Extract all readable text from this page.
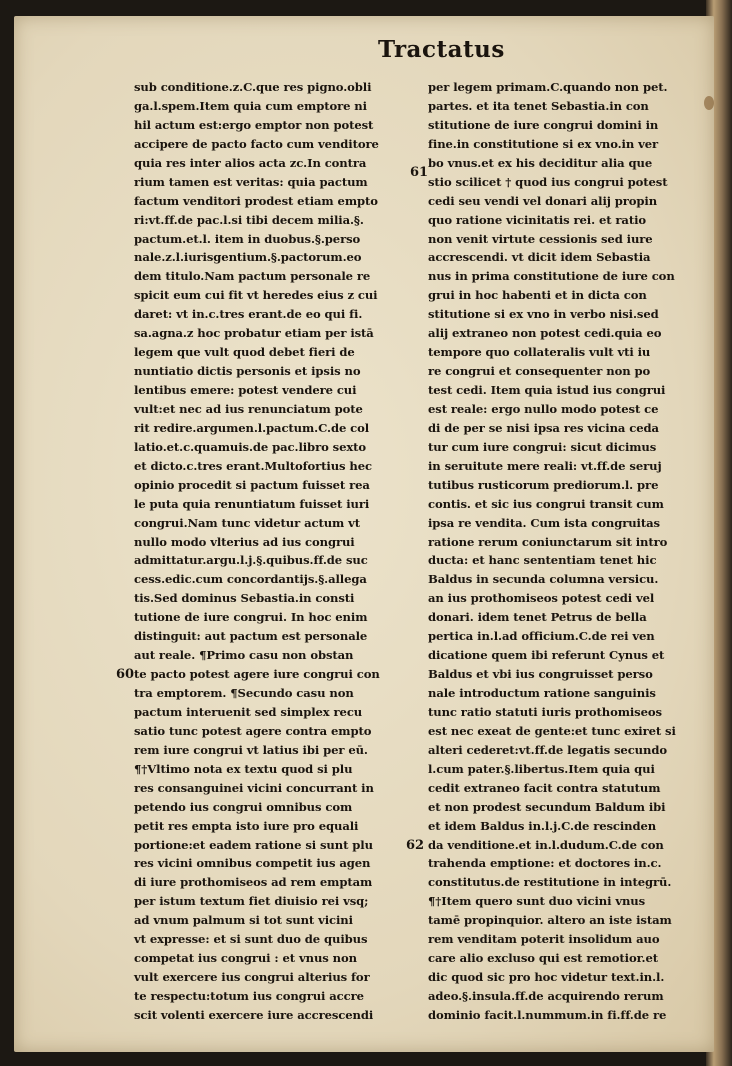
Tractatus
sub conditione.z.C.que res pigno.obli
ga.l.spem.Item quia cum emptore ni
hil actum est:ergo emptor non potest
accipere de pacto facto cum venditore
quia res inter alios acta zc.In contra
rium tamen est veritas: quia pactum
factum venditori prodest etiam empto
ri:vt.ff.de pac.l.si tibi decem milia.§.
pactum.et.l. item in duobus.§.perso
nale.z.l.iurisgentium.§.pactorum.eo
dem titulo.Nam pactum personale re
spicit eum cui fit vt heredes eius z cui
daret: vt in.c.tres erant.de eo qui fi.
sa.agna.z hoc probatur etiam per istā
legem que vult quod debet fieri de
nuntiatio dictis personis et ipsis no
lentibus emere: potest vendere cui
vult:et nec ad ius renunciatum pote
rit redire.argumen.l.pactum.C.de col
latio.et.c.quamuis.de pac.libro sexto
et dicto.c.tres erant.Multofortius hec
opinio procedit si pactum fuisset rea
le puta quia renuntiatum fuisset iuri
congrui.Nam tunc videtur actum vt
nullo modo vlterius ad ius congrui
admittatur.argu.l.j.§.quibus.ff.de suc
cess.edic.cum concordantijs.§.allega
tis.Sed dominus Sebastia.in consti
tutione de iure congrui. In hoc enim
distinguit: aut pactum est personale
aut reale. ¶Primo casu non obstan
te pacto potest agere iure congrui con
tra emptorem. ¶Secundo casu non
pactum interuenit sed simplex recu
satio tunc potest agere contra empto
rem iure congrui vt latius ibi per eū.
¶†Vltimo nota ex textu quod si plu
res consanguinei vicini concurrant in
petendo ius congrui omnibus com
petit res empta isto iure pro equali
portione:et eadem ratione si sunt plu
res vicini omnibus competit ius agen
di iure prothomiseos ad rem emptam
per istum textum fiet diuisio rei vsq;
ad vnum palmum si tot sunt vicini
vt expresse: et si sunt duo de quibus
competat ius congrui : et vnus non
vult exercere ius congrui alterius for
te respectu:totum ius congrui accre
scit volenti exercere iure accrescendi
per legem primam.C.quando non pet.
partes. et ita tenet Sebastia.in con
stitutione de iure congrui domini in
fine.in constitutione si ex vno.in ver
bo vnus.et ex his deciditur alia que
stio scilicet † quod ius congrui potest
cedi seu vendi vel donari alij propin
quo ratione vicinitatis rei. et ratio
non venit virtute cessionis sed iure
accrescendi. vt dicit idem Sebastia
nus in prima constitutione de iure con
grui in hoc habenti et in dicta con
stitutione si ex vno in verbo nisi.sed
alij extraneo non potest cedi.quia eo
tempore quo collateralis vult vti iu
re congrui et consequenter non po
test cedi. Item quia istud ius congrui
est reale: ergo nullo modo potest ce
di de per se nisi ipsa res vicina ceda
tur cum iure congrui: sicut dicimus
in seruitute mere reali: vt.ff.de seruj
tutibus rusticorum prediorum.l. pre
contis. et sic ius congrui transit cum
ipsa re vendita. Cum ista congruitas
ratione rerum coniunctarum sit intro
ducta: et hanc sententiam tenet hic
Baldus in secunda columna versicu.
an ius prothomiseos potest cedi vel
donari. idem tenet Petrus de bella
pertica in.l.ad officium.C.de rei ven
dicatione quem ibi referunt Cynus et
Baldus et vbi ius congruisset perso
nale introductum ratione sanguinis
tunc ratio statuti iuris prothomiseos
est nec exeat de gente:et tunc exiret si
alteri cederet:vt.ff.de legatis secundo
l.cum pater.§.libertus.Item quia qui
cedit extraneo facit contra statutum
et non prodest secundum Baldum ibi
et idem Baldus in.l.j.C.de rescinden
da venditione.et in.l.dudum.C.de con
trahenda emptione: et doctores in.c.
constitutus.de restitutione in integrū.
¶†Item quero sunt duo vicini vnus
tamē propinquior. altero an iste istam
rem venditam poterit insolidum auo
care alio excluso qui est remotior.et
dic quod sic pro hoc videtur text.in.l.
adeo.§.insula.ff.de acquirendo rerum
dominio facit.l.nummum.in fi.ff.de re
60
61
62
